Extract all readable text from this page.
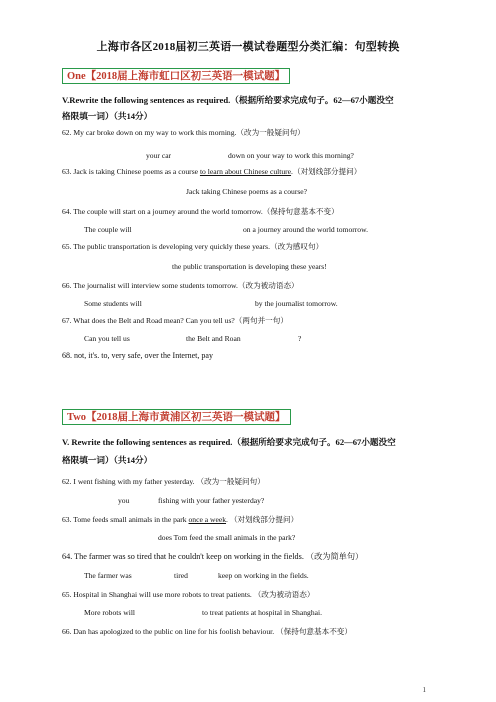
上海市各区2018届初三英语一模试卷题型分类汇编：句型转换
One【2018届上海市虹口区初三英语一模试题】
V.Rewrite the following sentences as required.（根据所给要求完成句子。62—67小题没空
格限填一词）（共14分）
62. My car broke down on my way to work this morning.（改为一般疑问句）
your car	down on your way to work this morning?
63. Jack is taking Chinese poems as a course to learn about Chinese culture.（对划线部分提问）
Jack taking Chinese poems as a course?
64. The couple will start on a journey around the world tomorrow.（保持句意基本不变）
The couple will	on a journey around the world tomorrow.
65. The public transportation is developing very quickly these years.（改为感叹句）
the public transportation is developing these years!
66. The journalist will interview some students tomorrow.（改为被动语态）
Some students will	by the journalist tomorrow.
67. What does the Belt and Road mean? Can you tell us?（两句并一句）
Can you tell us	the Belt and Roan	?
68. not, it's. to, very safe, over the Internet, pay
Two【2018届上海市黄浦区初三英语一模试题】
V. Rewrite the following sentences as required.（根据所给要求完成句子。62—67小题没空
格限填一词）（共14分）
62. I went fishing with my father yesterday. （改为一般疑问句）
you	fishing with your father yesterday?
63. Tome feeds small animals in the park once a week. （对划线部分提问）
does Tom feed the small animals in the park?
64. The farmer was so tired that he couldn't keep on working in the fields. （改为简单句）
The farmer was	tired	keep on working in the fields.
65. Hospital in Shanghai will use more robots to treat patients. （改为被动语态）
More robots will	to treat patients at hospital in Shanghai.
66. Dan has apologized to the public on line for his foolish behaviour. （保持句意基本不变）
1
